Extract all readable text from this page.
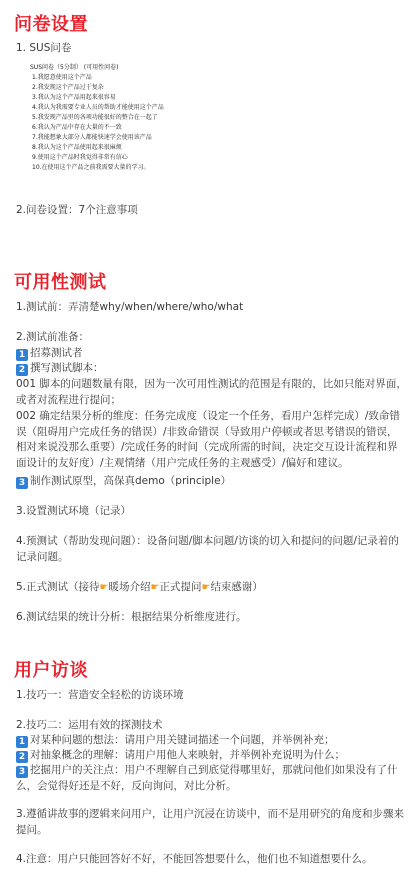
问卷设置
1. SUS问卷
SUS问卷（5分制） (可用性问卷)
1.我愿意使用这个产品
2.我发现这个产品过于复杂
3.我认为这个产品用起来很容易
4.我认为我需要专业人员的帮助才能使用这个产品
5.我发现产品里的各项功能很好的整合在一起了
6.我认为产品中存在大量的不一致
7.我能想象大部分人都能快速学会使用该产品
8.我认为这个产品使用起来很麻烦
9.使用这个产品时我觉得非常有信心
10.在使用这个产品之前我需要大量的学习。
2.问卷设置：7个注意事项
可用性测试
1.测试前：弄清楚why/when/where/who/what
2.测试前准备：
1 招募测试者
2 撰写测试脚本：
001 脚本的问题数量有限，因为一次可用性测试的范围是有限的，比如只能对界面，或者对流程进行提问；
002 确定结果分析的维度：任务完成度（设定一个任务，看用户怎样完成）/致命错误（阻碍用户完成任务的错误）/非致命错误（导致用户停顿或者思考错误的错误，相对来说没那么重要）/完成任务的时间（完成所需的时间，决定交互设计流程和界面设计的友好度）/主观情绪（用户完成任务的主观感受）/偏好和建议。
3 制作测试原型，高保真demo（principle）
3.设置测试环境（记录）
4.预测试（帮助发现问题）：设备问题/脚本问题/访谈的切入和提问的问题/记录着的记录问题。
5.正式测试（接待☛暖场介绍☛正式提问☛结束感谢）
6.测试结果的统计分析：根据结果分析维度进行。
用户访谈
1.技巧一：营造安全轻松的访谈环境
2.技巧二：运用有效的探测技术
1 对某种问题的想法：请用户用关键词描述一个问题，并举例补充；
2 对抽象概念的理解：请用户用他人来映射，并举例补充说明为什么；
3 挖掘用户的关注点：用户不理解自己到底觉得哪里好，那就问他们如果没有了什么，会觉得好还是不好，反向询问，对比分析。
3.遵循讲故事的逻辑来问用户，让用户沉浸在访谈中，而不是用研究的角度和步骤来提问。
4.注意：用户只能回答好不好，不能回答想要什么，他们也不知道想要什么。
